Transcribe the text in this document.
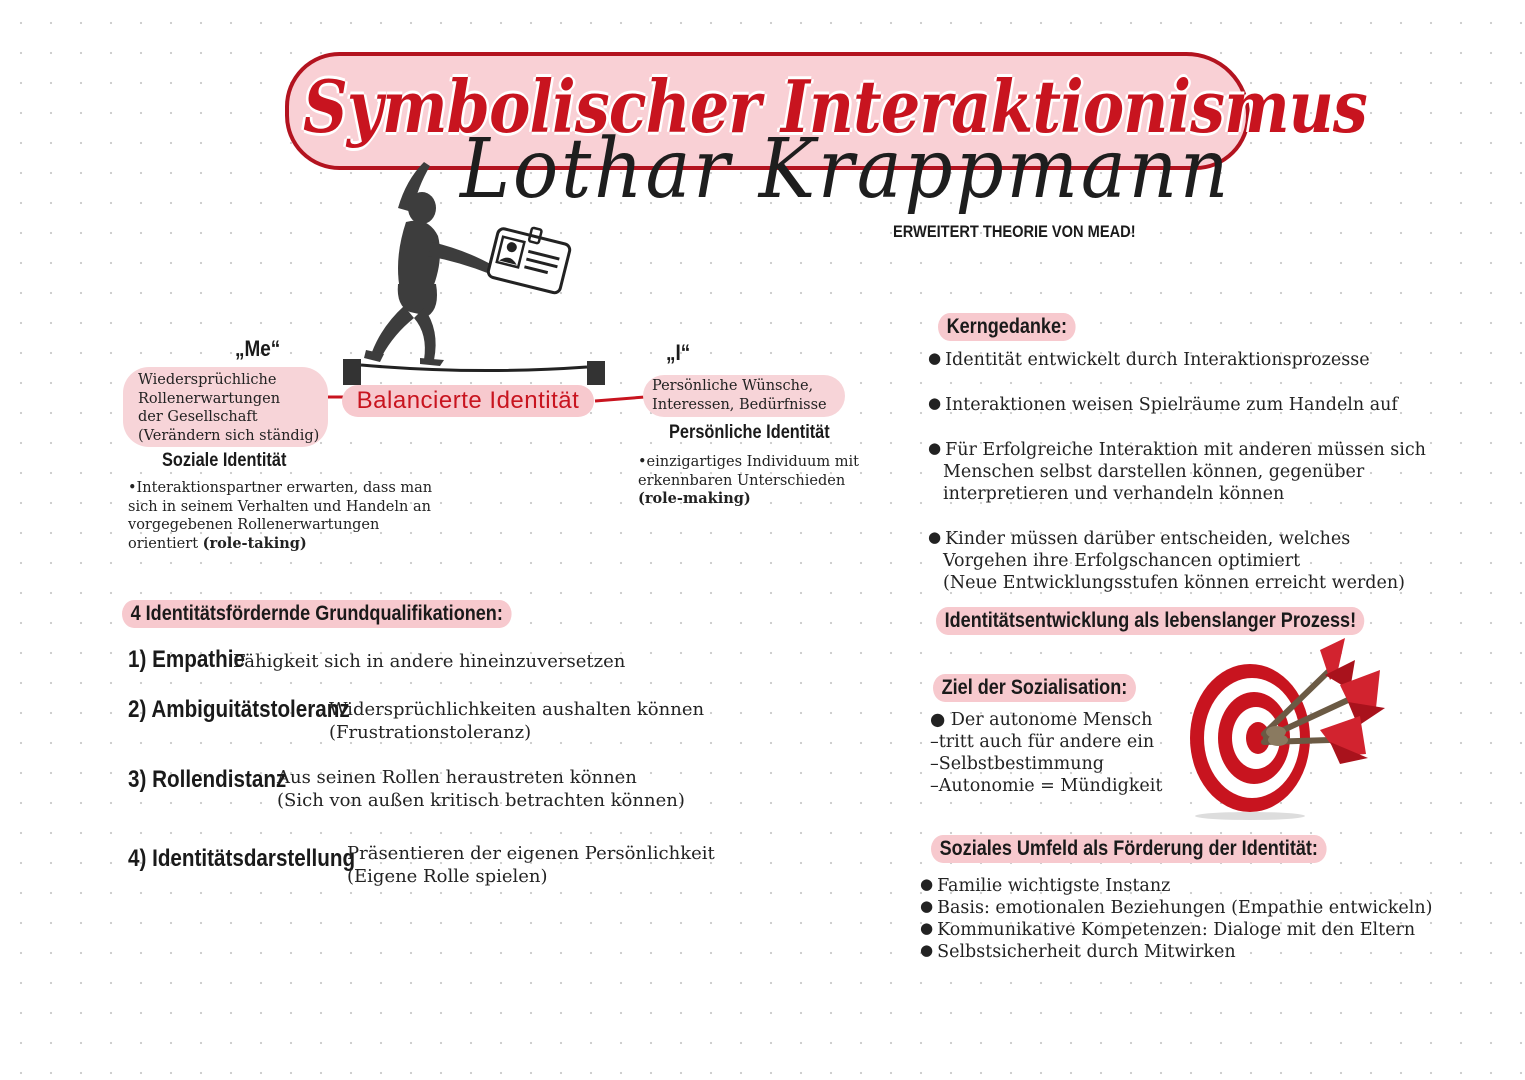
Symbolischer Interaktionismus
Lothar Krappmann
ERWEITERT THEORIE VON MEAD!
Balancierte Identität
„Me“
Wiedersprüchliche
Rollenerwartungen
der Gesellschaft
(Verändern sich ständig)
Soziale Identität
•Interaktionspartner erwarten, dass man
sich in seinem Verhalten und Handeln an
vorgegebenen Rollenerwartungen
orientiert (role-taking)
„I“
Persönliche Wünsche,
Interessen, Bedürfnisse
Persönliche Identität
•einzigartiges Individuum mit
erkennbaren Unterschieden
(role-making)
4 Identitätsfördernde Grundqualifikationen:
1) Empathie
Fähigkeit sich in andere hineinzuversetzen
2) Ambiguitätstoleranz
Widersprüchlichkeiten aushalten können
(Frustrationstoleranz)
3) Rollendistanz
Aus seinen Rollen heraustreten können
(Sich von außen kritisch betrachten können)
4) Identitätsdarstellung
Präsentieren der eigenen Persönlichkeit
(Eigene Rolle spielen)
Kerngedanke:
● Identität entwickelt durch Interaktionsprozesse
● Interaktionen weisen Spielräume zum Handeln auf
● Für Erfolgreiche Interaktion mit anderen müssen sich
Menschen selbst darstellen können, gegenüber
interpretieren und verhandeln können
● Kinder müssen darüber entscheiden, welches
Vorgehen ihre Erfolgschancen optimiert
(Neue Entwicklungsstufen können erreicht werden)
Identitätsentwicklung als lebenslanger Prozess!
Ziel der Sozialisation:
● Der autonome Mensch
–tritt auch für andere ein
–Selbstbestimmung
–Autonomie = Mündigkeit
Soziales Umfeld als Förderung der Identität:
● Familie wichtigste Instanz
● Basis: emotionalen Beziehungen (Empathie entwickeln)
● Kommunikative Kompetenzen: Dialoge mit den Eltern
● Selbstsicherheit durch Mitwirken
